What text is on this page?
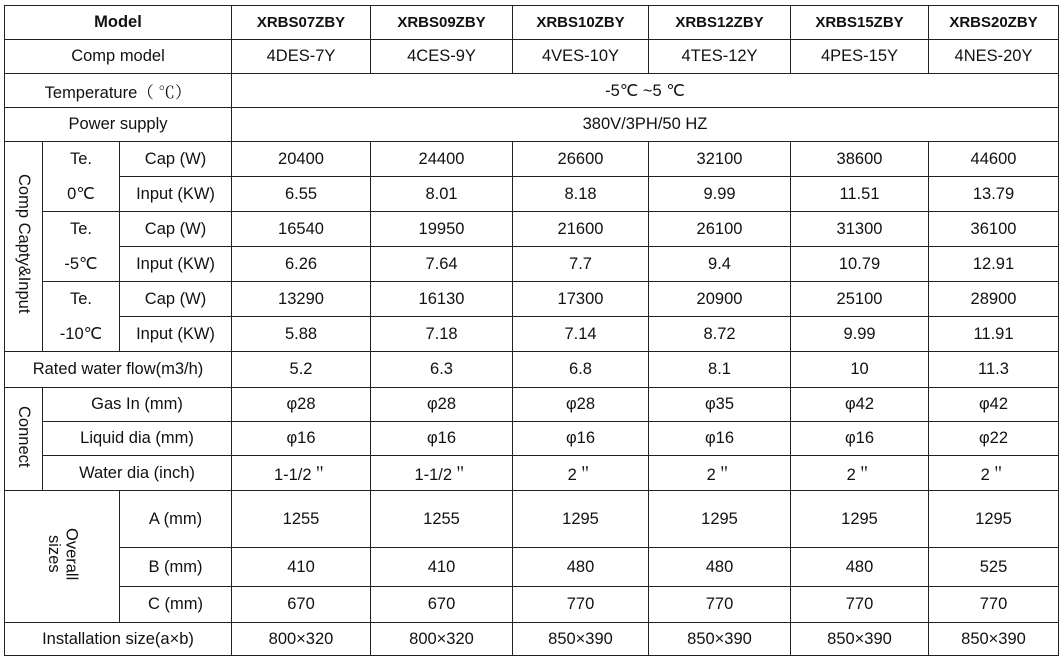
Model			XRBS07ZBY	XRBS09ZBY	XRBS10ZBY	XRBS12ZBY	XRBS15ZBY	XRBS20ZBY
Comp model			4DES-7Y	4CES-9Y	4VES-10Y	4TES-12Y	4PES-15Y	4NES-20Y
Temperature（ ℃）			-5℃ ~5 ℃					
Power supply			380V/3PH/50 HZ					
Comp Capty&Input	Te.	Cap (W)	20400	24400	26600	32100	38600	44600
	0℃	Input (KW)	6.55	8.01	8.18	9.99	11.51	13.79
	Te.	Cap (W)	16540	19950	21600	26100	31300	36100
	-5℃	Input (KW)	6.26	7.64	7.7	9.4	10.79	12.91
	Te.	Cap (W)	13290	16130	17300	20900	25100	28900
	-10℃	Input (KW)	5.88	7.18	7.14	8.72	9.99	11.91
Rated water flow(m3/h)			5.2	6.3	6.8	8.1	10	11.3
Connect	Gas In (mm)		φ28	φ28	φ28	φ35	φ42	φ42
	Liquid dia (mm)		φ16	φ16	φ16	φ16	φ16	φ22
	Water dia (inch)		1-1/2＂	1-1/2＂	2＂	2＂	2＂	2＂
Overall
sizes		A (mm)	1255	1255	1295	1295	1295	1295
		B (mm)	410	410	480	480	480	525
		C (mm)	670	670	770	770	770	770
Installation size(a×b)			800×320	800×320	850×390	850×390	850×390	850×390
